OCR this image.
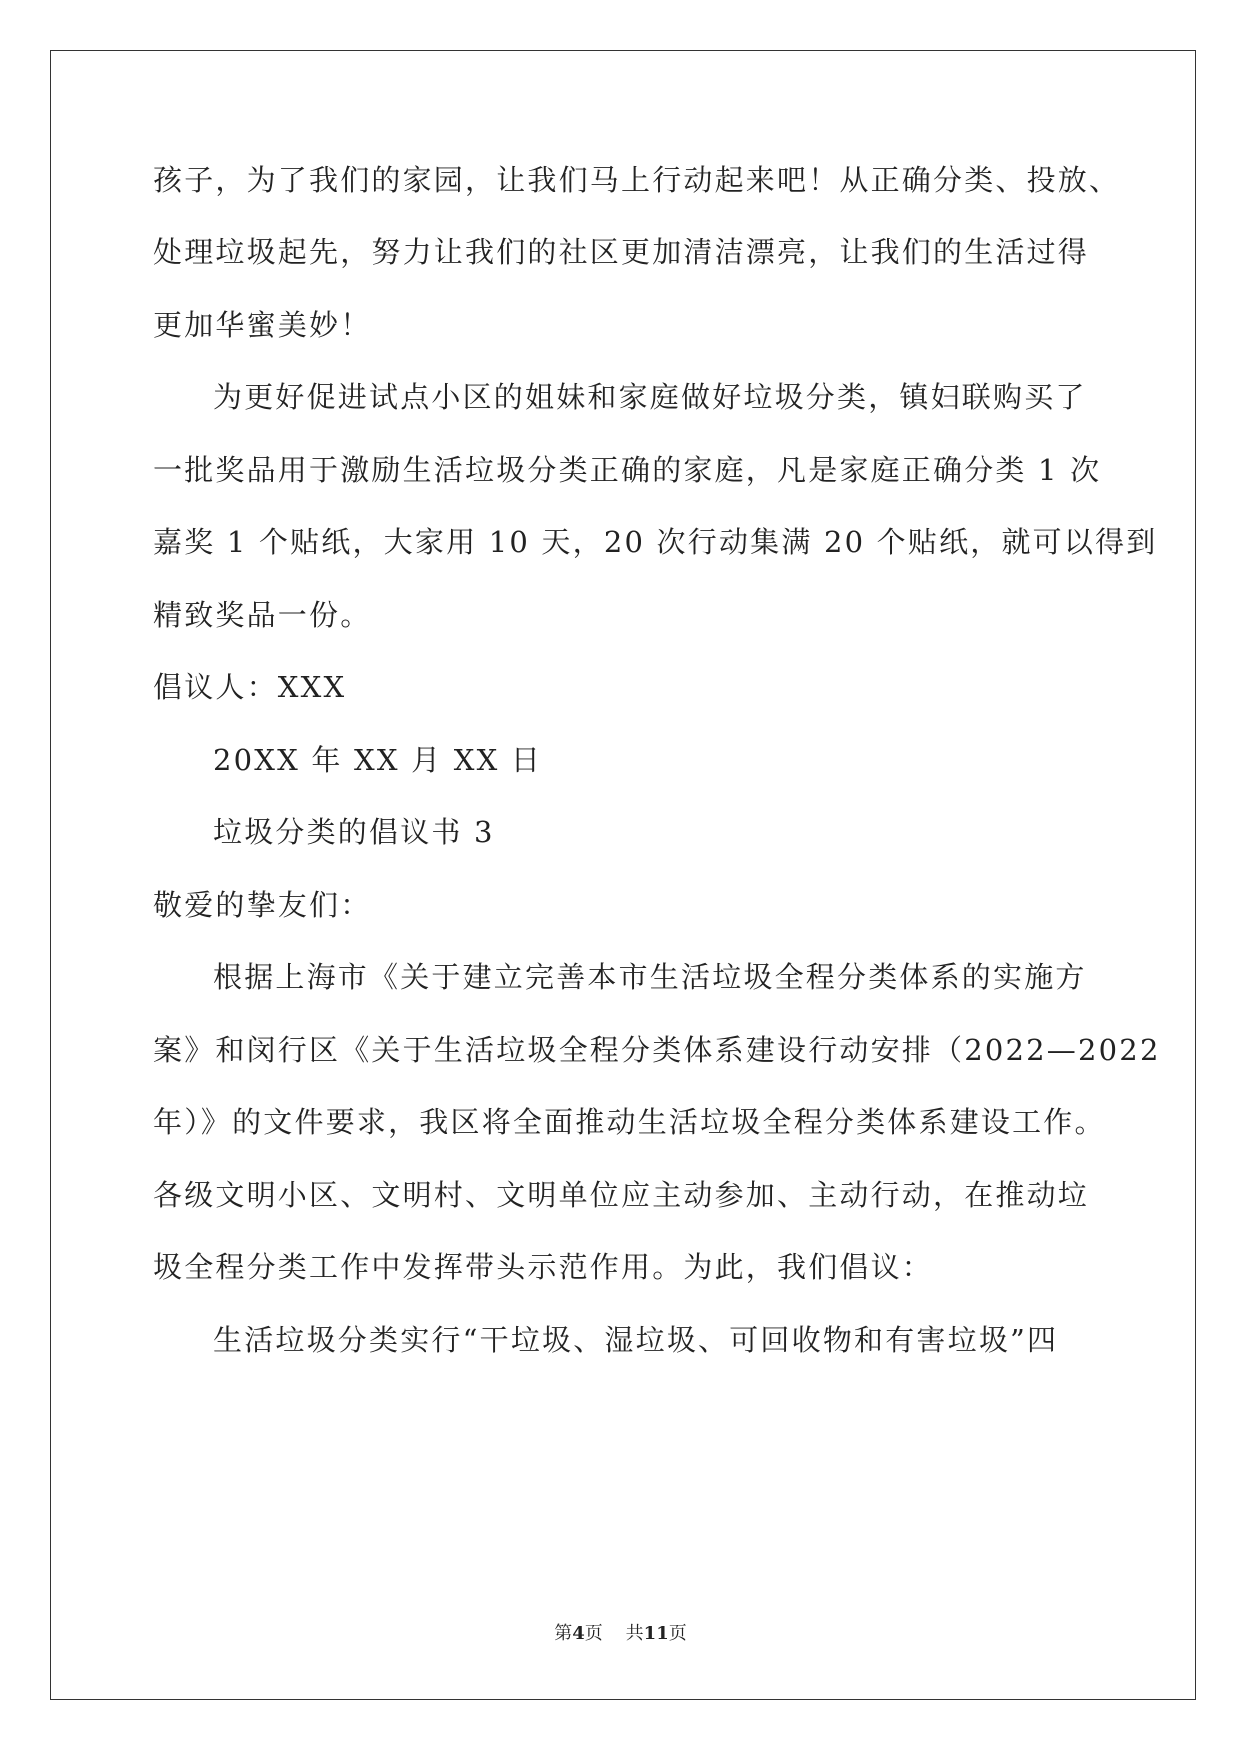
孩子，为了我们的家园，让我们马上行动起来吧！从正确分类、投放、
处理垃圾起先，努力让我们的社区更加清洁漂亮，让我们的生活过得
更加华蜜美妙！
为更好促进试点小区的姐妹和家庭做好垃圾分类，镇妇联购买了
一批奖品用于激励生活垃圾分类正确的家庭，凡是家庭正确分类 1 次
嘉奖 1 个贴纸，大家用 10 天，20 次行动集满 20 个贴纸，就可以得到
精致奖品一份。
倡议人：XXX
20XX 年 XX 月 XX 日
垃圾分类的倡议书 3
敬爱的挚友们：
根据上海市《关于建立完善本市生活垃圾全程分类体系的实施方
案》和闵行区《关于生活垃圾全程分类体系建设行动安排（2022—2022
年）》的文件要求，我区将全面推动生活垃圾全程分类体系建设工作。
各级文明小区、文明村、文明单位应主动参加、主动行动，在推动垃
圾全程分类工作中发挥带头示范作用。为此，我们倡议：
生活垃圾分类实行“干垃圾、湿垃圾、可回收物和有害垃圾”四
第4页 共11页
